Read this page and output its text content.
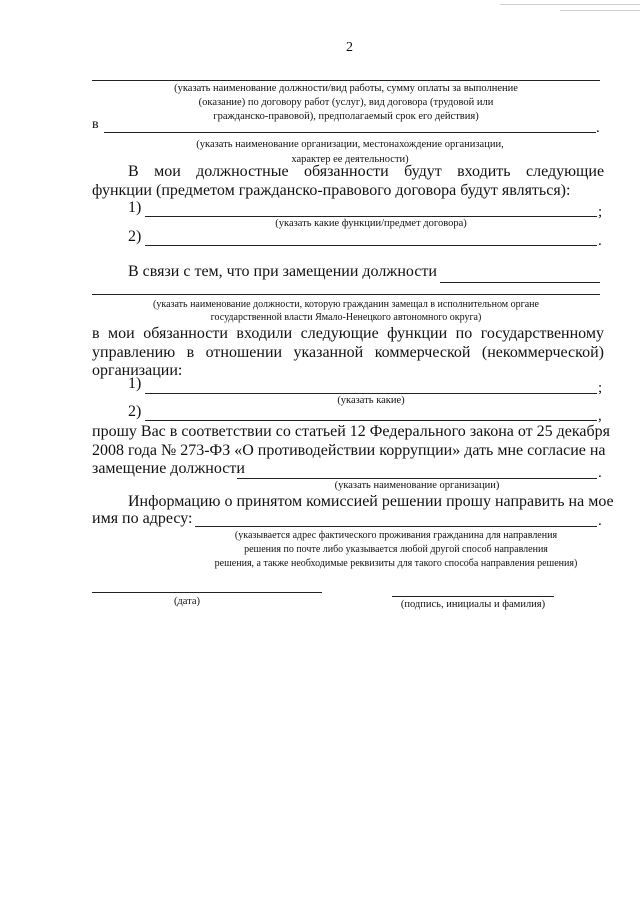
2
(указать наименование должности/вид работы, сумму оплаты за выполнение
(оказание) по договору работ (услуг), вид договора (трудовой или
гражданско-правовой), предполагаемый срок его действия)
в	.
(указать наименование организации, местонахождение организации,
характер ее деятельности)
В мои должностные обязанности будут входить следующие
функции (предметом гражданско-правового договора будут являться):
1)	;
(указать какие функции/предмет договора)
2)	.
В связи с тем, что при замещении должности
(указать наименование должности, которую гражданин замещал в исполнительном органе
государственной власти Ямало-Ненецкого автономного округа)
в мои обязанности входили следующие функции по государственному
управлению в отношении указанной коммерческой (некоммерческой)
организации:
1)	;
(указать какие)
2)	,
прошу Вас в соответствии со статьей 12 Федерального закона от 25 декабря
2008 года № 273-ФЗ «О противодействии коррупции» дать мне согласие на
замещение должности	.
(указать наименование организации)
Информацию о принятом комиссией решении прошу направить на мое
имя по адресу:	.
(указывается адрес фактического проживания гражданина для направления
решения по почте либо указывается любой другой способ направления
решения, а также необходимые реквизиты для такого способа направления решения)
(дата)	(подпись, инициалы и фамилия)
